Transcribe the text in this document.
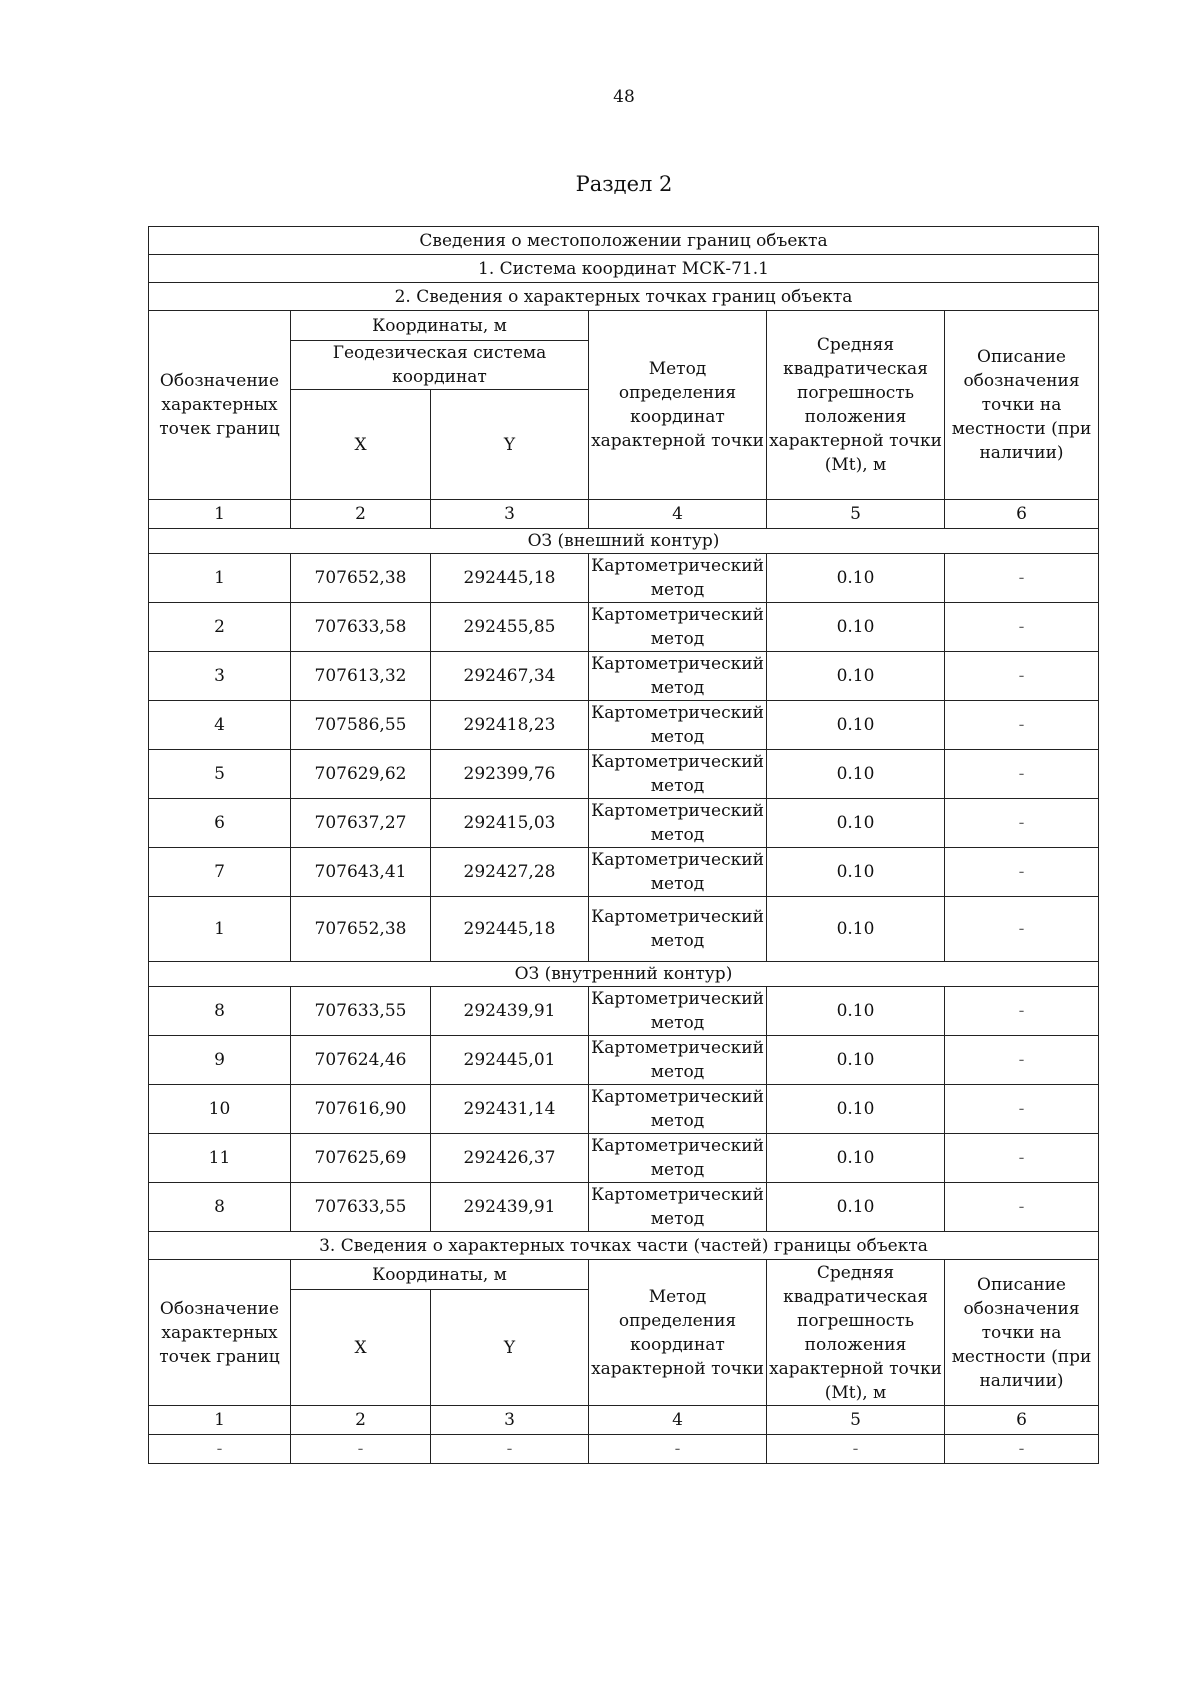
48
Раздел 2
Сведения о местоположении границ объекта					
1. Система координат МСК-71.1					
2. Сведения о характерных точках границ объекта					
Обозначение характерных точек границ	Координаты, м		Метод определения координат характерной точки	Средняя квадратическая погрешность положения характерной точки (Mt), м	Описание обозначения точки на местности (при наличии)
	Геодезическая система координат				
	X	Y			
1	2	3	4	5	6
ОЗ (внешний контур)					
1	707652,38	292445,18	Картометрический метод	0.10	-
2	707633,58	292455,85	Картометрический метод	0.10	-
3	707613,32	292467,34	Картометрический метод	0.10	-
4	707586,55	292418,23	Картометрический метод	0.10	-
5	707629,62	292399,76	Картометрический метод	0.10	-
6	707637,27	292415,03	Картометрический метод	0.10	-
7	707643,41	292427,28	Картометрический метод	0.10	-
1	707652,38	292445,18	Картометрический метод	0.10	-
ОЗ (внутренний контур)					
8	707633,55	292439,91	Картометрический метод	0.10	-
9	707624,46	292445,01	Картометрический метод	0.10	-
10	707616,90	292431,14	Картометрический метод	0.10	-
11	707625,69	292426,37	Картометрический метод	0.10	-
8	707633,55	292439,91	Картометрический метод	0.10	-
3. Сведения о характерных точках части (частей) границы объекта					
Обозначение характерных точек границ	Координаты, м		Метод определения координат характерной точки	Средняя квадратическая погрешность положения характерной точки (Mt), м	Описание обозначения точки на местности (при наличии)
	X	Y			
1	2	3	4	5	6
-	-	-	-	-	-
